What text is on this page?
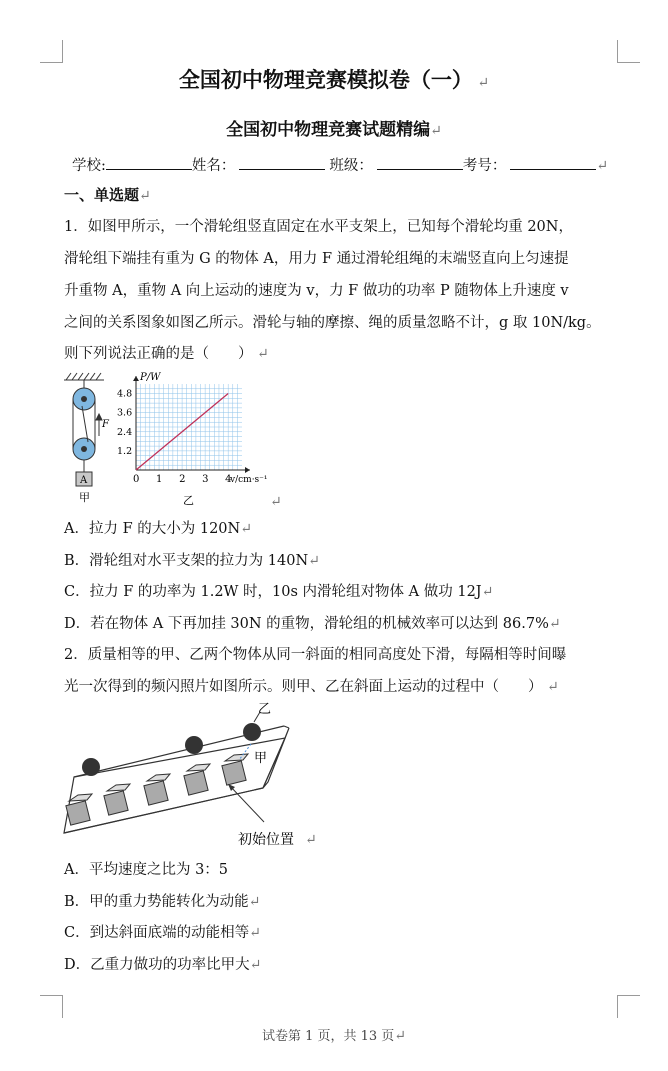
全国初中物理竞赛模拟卷（一） ↵
全国初中物理竞赛试题精编↵
学校:	姓名：	班级：	考号：	↵
一、单选题↵
1．如图甲所示，一个滑轮组竖直固定在水平支架上，已知每个滑轮均重 20N，
滑轮组下端挂有重为 G 的物体 A，用力 F 通过滑轮组绳的末端竖直向上匀速提
升重物 A，重物 A 向上运动的速度为 v，力 F 做功的功率 P 随物体上升速度 v
之间的关系图象如图乙所示。滑轮与轴的摩擦、绳的质量忽略不计，g 取 10N/kg。
则下列说法正确的是（　　） ↵
F
A
甲
0 1 2 3 4
1.2
2.4
3.6
4.8
P/W
v/cm·s⁻¹
乙	↵
A．拉力 F 的大小为 120N↵
B．滑轮组对水平支架的拉力为 140N↵
C．拉力 F 的功率为 1.2W 时，10s 内滑轮组对物体 A 做功 12J↵
D．若在物体 A 下再加挂 30N 的重物，滑轮组的机械效率可以达到 86.7%↵
2．质量相等的甲、乙两个物体从同一斜面的相同高度处下滑，每隔相等时间曝
光一次得到的频闪照片如图所示。则甲、乙在斜面上运动的过程中（　　） ↵
乙
甲
初始位置 ↵
A．平均速度之比为 3：5
B．甲的重力势能转化为动能↵
C．到达斜面底端的动能相等↵
D．乙重力做功的功率比甲大↵
试卷第 1 页，共 13 页↵
